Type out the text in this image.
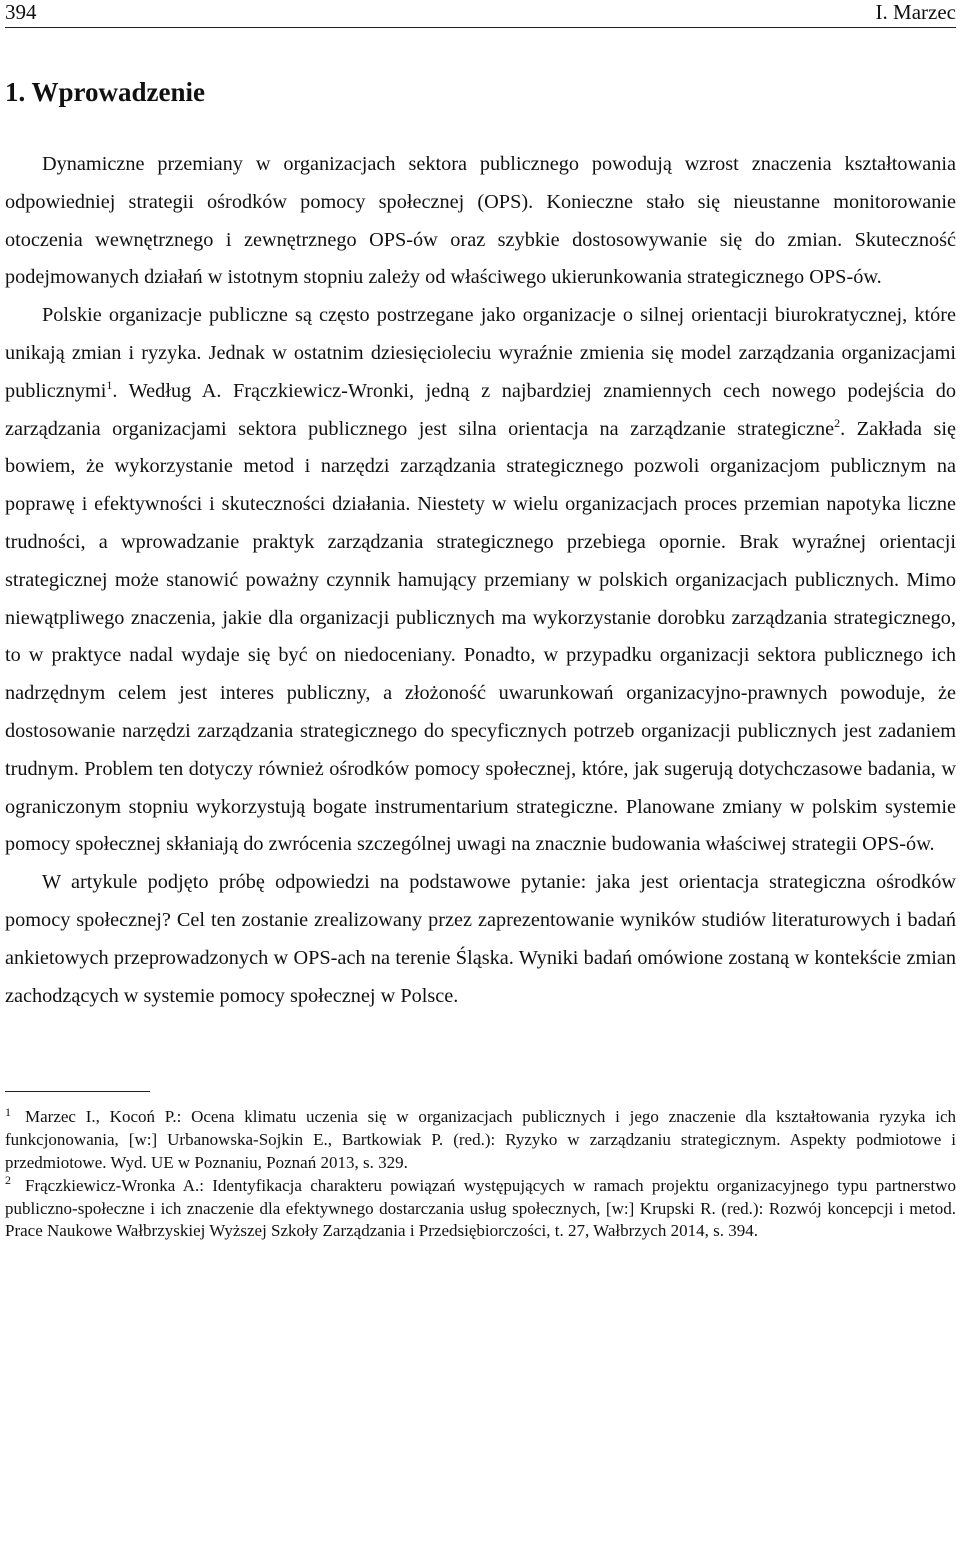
394	I. Marzec
1. Wprowadzenie

Dynamiczne przemiany w organizacjach sektora publicznego powodują wzrost znaczenia kształtowania odpowiedniej strategii ośrodków pomocy społecznej (OPS). Konieczne stało się nieustanne monitorowanie otoczenia wewnętrznego i zewnętrznego OPS-ów oraz szybkie dostosowywanie się do zmian. Skuteczność podejmowanych działań w istotnym stopniu zależy od właściwego ukierunkowania strategicznego OPS-ów.

Polskie organizacje publiczne są często postrzegane jako organizacje o silnej orientacji biurokratycznej, które unikają zmian i ryzyka. Jednak w ostatnim dziesięcioleciu wyraźnie zmienia się model zarządzania organizacjami publicznymi$^1$. Według A. Frączkiewicz-Wronki, jedną z najbardziej znamiennych cech nowego podejścia do zarządzania organizacjami sektora publicznego jest silna orientacja na zarządzanie strategiczne$^2$. Zakłada się bowiem, że wykorzystanie metod i narzędzi zarządzania strategicznego pozwoli organizacjom publicznym na poprawę i efektywności i skuteczności działania. Niestety w wielu organizacjach proces przemian napotyka liczne trudności, a wprowadzanie praktyk zarządzania strategicznego przebiega opornie. Brak wyraźnej orientacji strategicznej może stanowić poważny czynnik hamujący przemiany w polskich organizacjach publicznych. Mimo niewątpliwego znaczenia, jakie dla organizacji publicznych ma wykorzystanie dorobku zarządzania strategicznego, to w praktyce nadal wydaje się być on niedoceniany. Ponadto, w przypadku organizacji sektora publicznego ich nadrzędnym celem jest interes publiczny, a złożoność uwarunkowań organizacyjno-prawnych powoduje, że dostosowanie narzędzi zarządzania strategicznego do specyficznych potrzeb organizacji publicznych jest zadaniem trudnym. Problem ten dotyczy również ośrodków pomocy społecznej, które, jak sugerują dotychczasowe badania, w ograniczonym stopniu wykorzystują bogate instrumentarium strategiczne. Planowane zmiany w polskim systemie pomocy społecznej skłaniają do zwrócenia szczególnej uwagi na znacznie budowania właściwej strategii OPS-ów.

W artykule podjęto próbę odpowiedzi na podstawowe pytanie: jaka jest orientacja strategiczna ośrodków pomocy społecznej? Cel ten zostanie zrealizowany przez zaprezentowanie wyników studiów literaturowych i badań ankietowych przeprowadzonych w OPS-ach na terenie Śląska. Wyniki badań omówione zostaną w kontekście zmian zachodzących w systemie pomocy społecznej w Polsce.

$^1$ Marzec I., Kocoń P.: Ocena klimatu uczenia się w organizacjach publicznych i jego znaczenie dla kształtowania ryzyka ich funkcjonowania, [w:] Urbanowska-Sojkin E., Bartkowiak P. (red.): Ryzyko w zarządzaniu strategicznym. Aspekty podmiotowe i przedmiotowe. Wyd. UE w Poznaniu, Poznań 2013, s. 329.

$^2$ Frączkiewicz-Wronka A.: Identyfikacja charakteru powiązań występujących w ramach projektu organizacyjnego typu partnerstwo publiczno-społeczne i ich znaczenie dla efektywnego dostarczania usług społecznych, [w:] Krupski R. (red.): Rozwój koncepcji i metod. Prace Naukowe Wałbrzyskiej Wyższej Szkoły Zarządzania i Przedsiębiorczości, t. 27, Wałbrzych 2014, s. 394.
